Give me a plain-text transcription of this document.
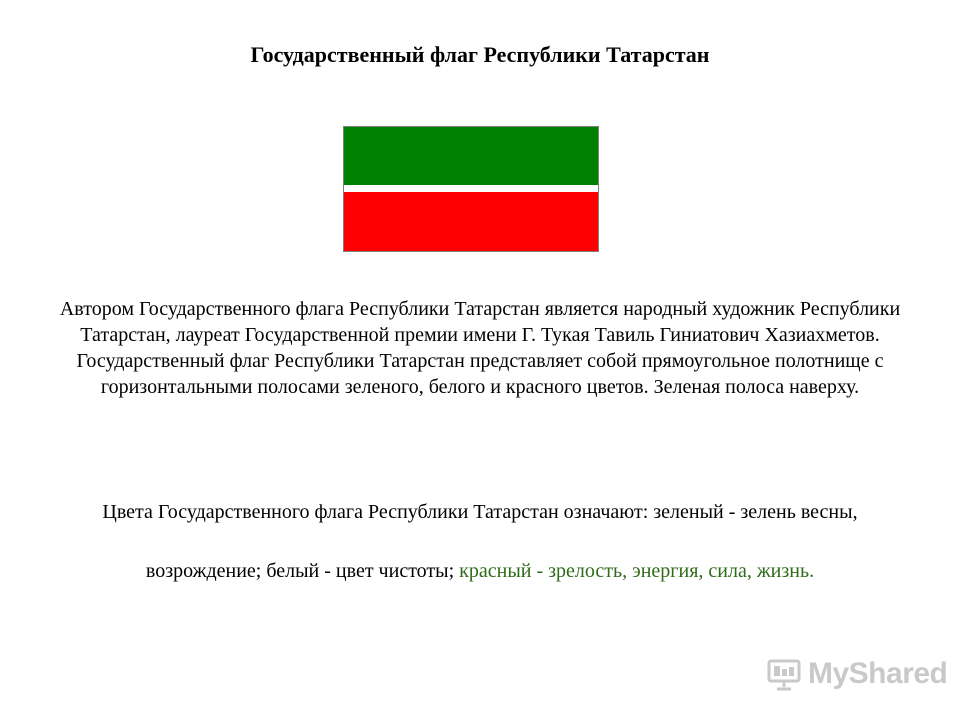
Государственный флаг Республики Татарстан
Автором Государственного флага Республики Татарстан является народный художник Республики Татарстан, лауреат Государственной премии имени Г. Тукая Тавиль Гиниатович Хазиахметов. Государственный флаг Республики Татарстан представляет собой прямоугольное полотнище с горизонтальными полосами зеленого, белого и красного цветов. Зеленая полоса наверху.
Цвета Государственного флага Республики Татарстан означают: зеленый - зелень весны,
возрождение; белый - цвет чистоты; красный - зрелость, энергия, сила, жизнь.
MyShared
